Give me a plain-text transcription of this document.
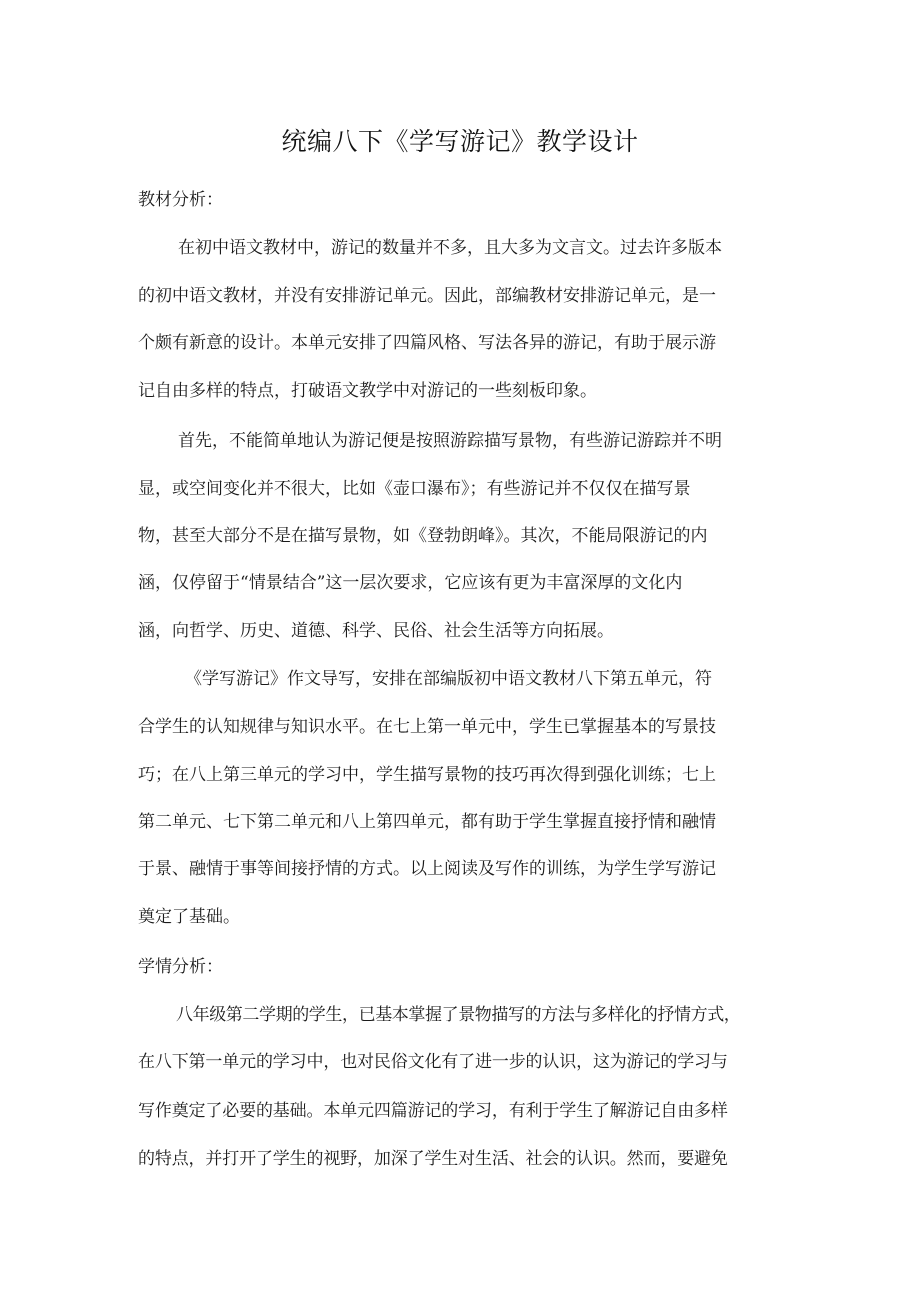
统编八下《学写游记》教学设计
教材分析：
在初中语文教材中，游记的数量并不多，且大多为文言文。过去许多版本
的初中语文教材，并没有安排游记单元。因此，部编教材安排游记单元，是一
个颇有新意的设计。本单元安排了四篇风格、写法各异的游记，有助于展示游
记自由多样的特点，打破语文教学中对游记的一些刻板印象。
首先，不能简单地认为游记便是按照游踪描写景物，有些游记游踪并不明
显，或空间变化并不很大，比如《壶口瀑布》；有些游记并不仅仅在描写景
物，甚至大部分不是在描写景物，如《登勃朗峰》。其次，不能局限游记的内
涵，仅停留于“情景结合”这一层次要求，它应该有更为丰富深厚的文化内
涵，向哲学、历史、道德、科学、民俗、社会生活等方向拓展。
《学写游记》作文导写，安排在部编版初中语文教材八下第五单元，符
合学生的认知规律与知识水平。在七上第一单元中，学生已掌握基本的写景技
巧；在八上第三单元的学习中，学生描写景物的技巧再次得到强化训练；七上
第二单元、七下第二单元和八上第四单元，都有助于学生掌握直接抒情和融情
于景、融情于事等间接抒情的方式。以上阅读及写作的训练，为学生学写游记
奠定了基础。
学情分析：
八年级第二学期的学生，已基本掌握了景物描写的方法与多样化的抒情方式，
在八下第一单元的学习中，也对民俗文化有了进一步的认识，这为游记的学习与
写作奠定了必要的基础。本单元四篇游记的学习，有利于学生了解游记自由多样
的特点，并打开了学生的视野，加深了学生对生活、社会的认识。然而，要避免
